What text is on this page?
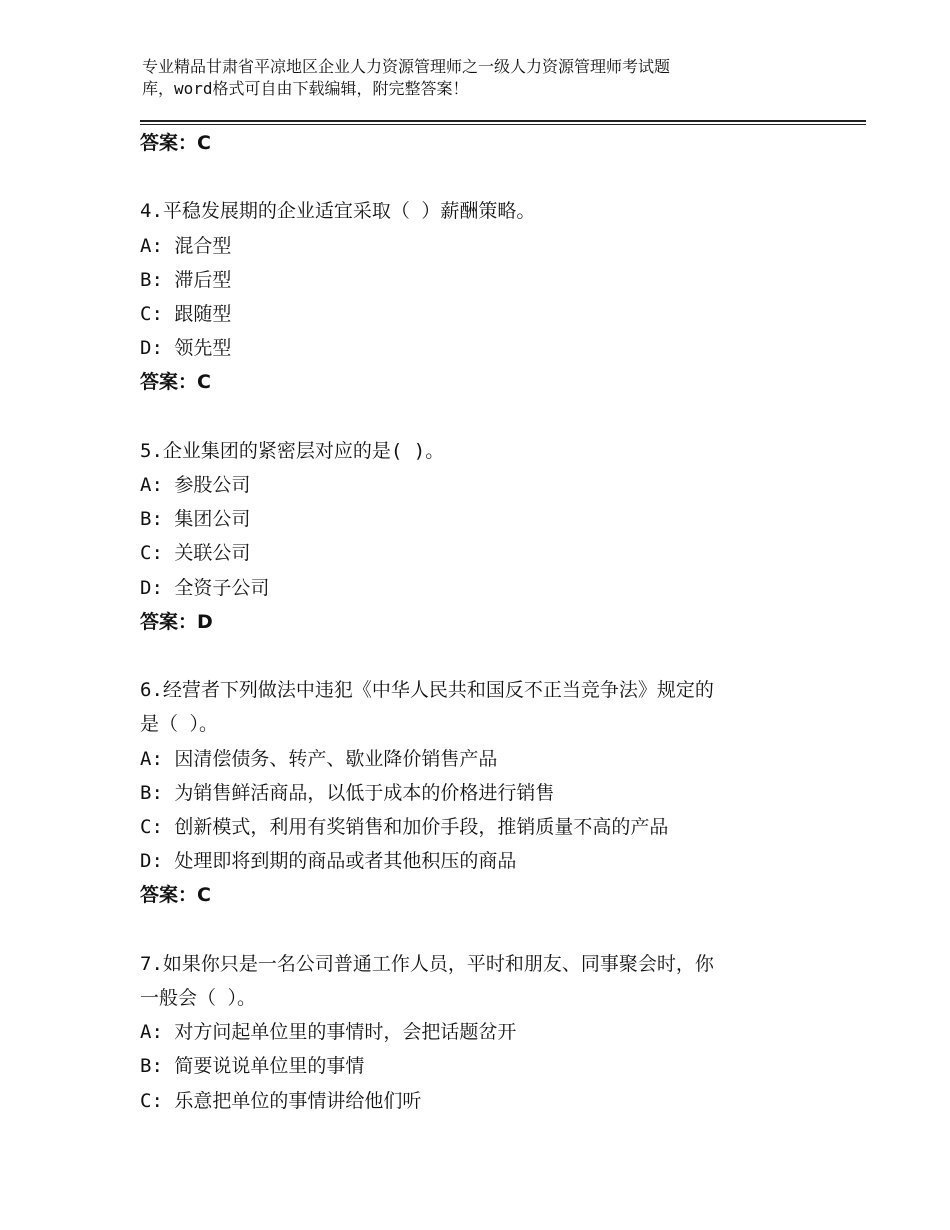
专业精品甘肃省平凉地区企业人力资源管理师之一级人力资源管理师考试题
库，word格式可自由下载编辑，附完整答案！
答案：C
4.平稳发展期的企业适宜采取（ ）薪酬策略。
A: 混合型
B: 滞后型
C: 跟随型
D: 领先型
答案：C
5.企业集团的紧密层对应的是( )。
A: 参股公司
B: 集团公司
C: 关联公司
D: 全资子公司
答案：D
6.经营者下列做法中违犯《中华人民共和国反不正当竞争法》规定的
是（ ）。
A: 因清偿债务、转产、歇业降价销售产品
B: 为销售鲜活商品，以低于成本的价格进行销售
C: 创新模式，利用有奖销售和加价手段，推销质量不高的产品
D: 处理即将到期的商品或者其他积压的商品
答案：C
7.如果你只是一名公司普通工作人员，平时和朋友、同事聚会时，你
一般会（ ）。
A: 对方问起单位里的事情时，会把话题岔开
B: 简要说说单位里的事情
C: 乐意把单位的事情讲给他们听
